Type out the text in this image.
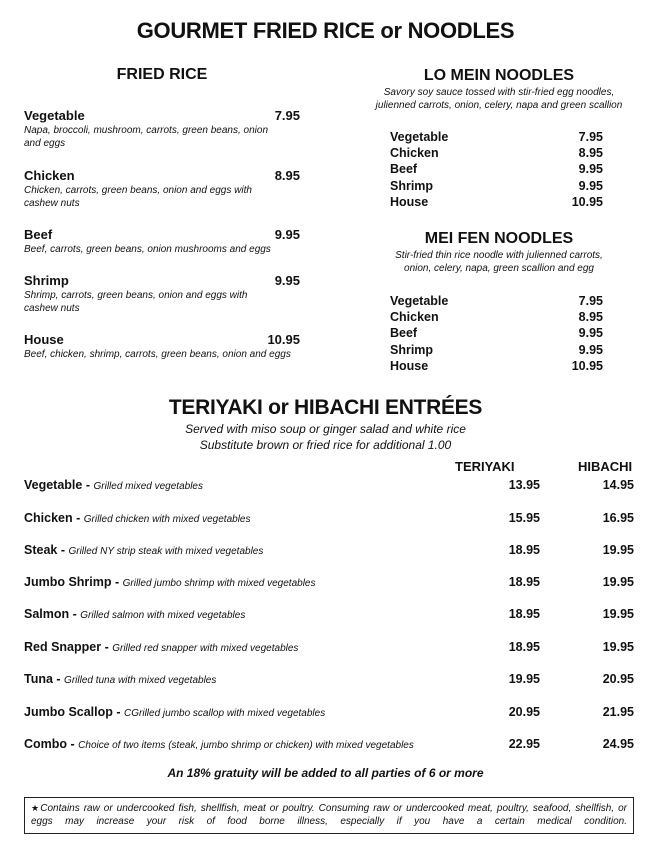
GOURMET FRIED RICE or NOODLES
FRIED RICE
Vegetable	7.95
Napa, broccoli, mushroom, carrots, green beans, onion and eggs
Chicken	8.95
Chicken, carrots, green beans, onion and eggs with cashew nuts
Beef	9.95
Beef, carrots, green beans, onion mushrooms and eggs
Shrimp	9.95
Shrimp, carrots, green beans, onion and eggs with cashew nuts
House	10.95
Beef, chicken, shrimp, carrots, green beans, onion and eggs
LO MEIN NOODLES
Savory soy sauce tossed with stir-fried egg noodles,
julienned carrots, onion, celery, napa and green scallion
Vegetable	7.95
Chicken	8.95
Beef	9.95
Shrimp	9.95
House	10.95
MEI FEN NOODLES
Stir-fried thin rice noodle with julienned carrots,
onion, celery, napa, green scallion and egg
Vegetable	7.95
Chicken	8.95
Beef	9.95
Shrimp	9.95
House	10.95
TERIYAKI or HIBACHI ENTRÉES
Served with miso soup or ginger salad and white rice
Substitute brown or fried rice for additional 1.00
TERIYAKI	HIBACHI
Vegetable - Grilled mixed vegetables	13.95	14.95
Chicken - Grilled chicken with mixed vegetables	15.95	16.95
Steak - Grilled NY strip steak with mixed vegetables	18.95	19.95
Jumbo Shrimp - Grilled jumbo shrimp with mixed vegetables	18.95	19.95
Salmon - Grilled salmon with mixed vegetables	18.95	19.95
Red Snapper - Grilled red snapper with mixed vegetables	18.95	19.95
Tuna - Grilled tuna with mixed vegetables	19.95	20.95
Jumbo Scallop - CGrilled jumbo scallop with mixed vegetables	20.95	21.95
Combo - Choice of two items (steak, jumbo shrimp or chicken) with mixed vegetables	22.95	24.95
An 18% gratuity will be added to all parties of 6 or more
★Contains raw or undercooked fish, shellfish, meat or poultry. Consuming raw or undercooked meat, poultry, seafood, shellfish, or eggs may increase your risk of food borne illness, especially if you have a certain medical condition.
